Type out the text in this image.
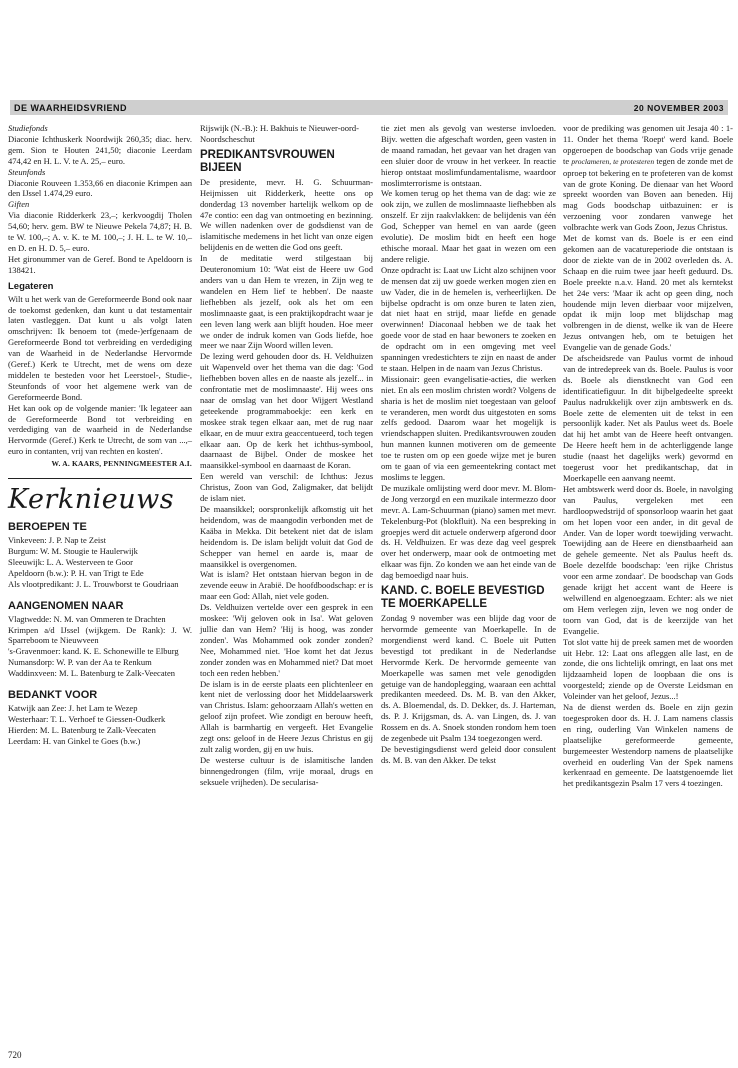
DE WAARHEIDSVRIEND	20 NOVEMBER 2003

Studiefonds

Diaconie Ichthuskerk Noordwijk 260,35; diac. herv. gem. Sion te Houten 241,50; diaconie Leerdam 474,42 en H. L. V. te A. 25,– euro.

Steunfonds

Diaconie Rouveen 1.353,66 en diaconie Krimpen aan den IJssel 1.474,29 euro.

Giften

Via diaconie Ridderkerk 23,–; kerkvoogdij Tholen 54,60; herv. gem. BW te Nieuwe Pekela 74,87; H. B. te W. 100,–; A. v. K. te M. 100,–; J. H. L. te W. 10,– en D. en H. D. 5,– euro.

Het gironummer van de Geref. Bond te Apeldoorn is 138421.

Legateren

Wilt u het werk van de Gereformeerde Bond ook naar de toekomst gedenken, dan kunt u dat testamentair laten vastleggen. Dat kunt u als volgt laten omschrijven: Ik benoem tot (mede-)erfgenaam de Gereformeerde Bond tot verbreiding en verdediging van de Waarheid in de Nederlandse Hervormde (Geref.) Kerk te Utrecht, met de wens om deze middelen te besteden voor het Leerstoel-, Studie-, Steunfonds of voor het algemene werk van de Gereformeerde Bond.

Het kan ook op de volgende manier: 'Ik legateer aan de Gereformeerde Bond tot verbreiding en verdediging van de waarheid in de Nederlandse Hervormde (Geref.) Kerk te Utrecht, de som van ...,– euro in contanten, vrij van rechten en kosten'.

W. A. KAARS, PENNINGMEESTER A.I.

Kerknieuws
BEROEPEN TE

Vinkeveen: J. P. Nap te Zeist

Burgum: W. M. Stougie te Haulerwijk

Sleeuwijk: L. A. Westerveen te Goor

Apeldoorn (b.w.): P. H. van Trigt te Ede

Als vlootpredikant: J. L. Trouwborst te Goudriaan

AANGENOMEN NAAR

Vlagtwedde: N. M. van Ommeren te Drachten

Krimpen a/d IJssel (wijkgem. De Rank): J. W. Sparreboom te Nieuwveen

's-Gravenmoer: kand. K. E. Schonewille te Elburg

Numansdorp: W. P. van der Aa te Renkum

Waddinxveen: M. L. Batenburg te Zalk-Veecaten

BEDANKT VOOR

Katwijk aan Zee: J. het Lam te Wezep

Westerhaar: T. L. Verhoef te Giessen-Oudkerk

Hierden: M. L. Batenburg te Zalk-Veecaten

Leerdam: H. van Ginkel te Goes (b.w.)

Rijswijk (N.-B.): H. Bakhuis te Nieuwer-oord-Noordscheschut

PREDIKANTSVROUWEN BIJEEN

De presidente, mevr. H. G. Schuurman-Heijmissen uit Ridderkerk, heette ons op donderdag 13 november hartelijk welkom op de 47e contio: een dag van ontmoeting en bezinning. We willen nadenken over de godsdienst van de islamitische medemens in het licht van onze eigen belijdenis en de wetten die God ons geeft.

In de meditatie werd stilgestaan bij Deuteronomium 10: 'Wat eist de Heere uw God anders van u dan Hem te vrezen, in Zijn weg te wandelen en Hem lief te hebben'. De naaste liefhebben als jezelf, ook als het om een moslimnaaste gaat, is een praktijkopdracht waar je een leven lang werk aan blijft houden. Hoe meer we onder de indruk komen van Gods liefde, hoe meer we naar Zijn Woord willen leven.

De lezing werd gehouden door ds. H. Veldhuizen uit Wapenveld over het thema van die dag: 'God liefhebben boven alles en de naaste als jezelf... in confrontatie met de moslimnaaste'. Hij wees ons naar de omslag van het door Wijgert Westland geteekende programmaboekje: een kerk en moskee strak tegen elkaar aan, met de rug naar elkaar, en de muur extra geaccentueerd, toch tegen elkaar aan. Op de kerk het ichthus-symbool, daarnaast de Bijbel. Onder de moskee het maansikkel-symbool en daarnaast de Koran.

Een wereld van verschil: de Ichthus: Jezus Christus, Zoon van God, Zaligmaker, dat belijdt de islam niet.

De maansikkel; oorspronkelijk afkomstig uit het heidendom, was de maangodin verbonden met de Kaäba in Mekka. Dit betekent niet dat de islam heidendom is. De islam belijdt voluit dat God de Schepper van hemel en aarde is, maar de maansikkel is overgenomen.

Wat is islam? Het ontstaan hiervan begon in de zevende eeuw in Arabië. De hoofdboodschap: er is maar een God: Allah, niet vele goden.

Ds. Veldhuizen vertelde over een gesprek in een moskee: 'Wij geloven ook in Isa'. Wat geloven jullie dan van Hem? 'Hij is hoog, was zonder zonden'. Was Mohammed ook zonder zonden? Nee, Mohammed niet. 'Hoe komt het dat Jezus zonder zonden was en Mohammed niet? Dat moet toch een reden hebben.'

De islam is in de eerste plaats een plichtenleer en kent niet de verlossing door het Middelaarswerk van Christus. Islam: gehoorzaam Allah's wetten en geloof zijn profeet. Wie zondigt en berouw heeft, Allah is barmhartig en vergeeft. Het Evangelie zegt ons: geloof in de Heere Jezus Christus en gij zult zalig worden, gij en uw huis.

De westerse cultuur is de islamitische landen binnengedrongen (film, vrije moraal, drugs en seksuele vrijheden). De secularisa-

tie ziet men als gevolg van westerse invloeden. Bijv. wetten die afgeschaft worden, geen vasten in de maand ramadan, het gevaar van het dragen van een sluier door de vrouw in het verkeer. In reactie hierop ontstaat moslimfundamentalisme, waardoor moslimterrorisme is ontstaan.

We komen terug op het thema van de dag: wie ze ook zijn, we zullen de moslimnaaste liefhebben als onszelf. Er zijn raakvlakken: de belijdenis van één God, Schepper van hemel en van aarde (geen evolutie). De moslim bidt en heeft een hoge ethische moraal. Maar het gaat in wezen om een andere religie.

Onze opdracht is: Laat uw Licht alzo schijnen voor de mensen dat zij uw goede werken mogen zien en uw Vader, die in de hemelen is, verheerlijken. De bijbelse opdracht is om onze buren te laten zien, dat niet haat en strijd, maar liefde en genade overwinnen! Diaconaal hebben we de taak het goede voor de stad en haar bewoners te zoeken en de opdracht om in een omgeving met veel spanningen vredestichters te zijn en naast de ander te staan. Helpen in de naam van Jezus Christus.

Missionair: geen evangelisatie-acties, die werken niet. En als een moslim christen wordt? Volgens de sharia is het de moslim niet toegestaan van geloof te veranderen, men wordt dus uitgestoten en soms zelfs gedood. Daarom waar het mogelijk is vriendschappen sluiten. Predikantsvrouwen zouden hun mannen kunnen motiveren om de gemeente toe te rusten om op een goede wijze met je buren om te gaan of via een gemeentekring contact met moslims te leggen.

De muzikale omlijsting werd door mevr. M. Blom-de Jong verzorgd en een muzikale intermezzo door mevr. A. Lam-Schuurman (piano) samen met mevr. Tekelenburg-Pot (blokfluit). Na een bespreking in groepjes werd dit actuele onderwerp afgerond door ds. H. Veldhuizen. Er was deze dag veel gesprek over het onderwerp, maar ook de ontmoeting met elkaar was fijn. Zo konden we aan het einde van de dag bemoedigd naar huis.

KAND. C. BOELE BEVESTIGD TE MOERKAPELLE

Zondag 9 november was een blijde dag voor de hervormde gemeente van Moerkapelle. In de morgendienst werd kand. C. Boele uit Putten bevestigd tot predikant in de Nederlandse Hervormde Kerk. De hervormde gemeente van Moerkapelle was samen met vele genodigden getuige van de handoplegging, waaraan een achttal predikanten meedeed. Ds. M. B. van den Akker, ds. A. Bloemendal, ds. D. Dekker, ds. J. Harteman, ds. P. J. Krijgsman, ds. A. van Lingen, ds. J. van Rossem en ds. A. Snoek stonden rondom hem toen de zegenbede uit Psalm 134 toegezongen werd.

De bevestigingsdienst werd geleid door consulent ds. M. B. van den Akker. De tekst

voor de prediking was genomen uit Jesaja 40 : 1-11. Onder het thema 'Roept' werd kand. Boele opgeroepen de boodschap van Gods vrije genade te proclameren, te protesteren tegen de zonde met de oproep tot bekering en te profeteren van de komst van de grote Koning. De dienaar van het Woord spreekt woorden van Boven aan beneden. Hij mag Gods boodschap uitbazuinen: er is verzoening voor zondaren vanwege het volbrachte werk van Gods Zoon, Jezus Christus.

Met de komst van ds. Boele is er een eind gekomen aan de vacatureperiode die ontstaan is door de ziekte van de in 2002 overleden ds. A. Schaap en die ruim twee jaar heeft geduurd. Ds. Boele preekte n.a.v. Hand. 20 met als kerntekst het 24e vers: 'Maar ik acht op geen ding, noch houdende mijn leven dierbaar voor mijzelven, opdat ik mijn loop met blijdschap mag volbrengen in de dienst, welke ik van de Heere Jezus ontvangen heb, om te betuigen het Evangelie van de genade Gods.'

De afscheidsrede van Paulus vormt de inhoud van de intredepreek van ds. Boele. Paulus is voor ds. Boele als dienstknecht van God een identificatiefiguur. In dit bijbelgedeelte spreekt Paulus nadrukkelijk over zijn ambtswerk en ds. Boele zette de elementen uit de tekst in een persoonlijk kader. Net als Paulus weet ds. Boele dat hij het ambt van de Heere heeft ontvangen. De Heere heeft hem in de achterliggende lange studie (naast het dagelijks werk) gevormd en toegerust voor het predikantschap, dat in Moerkapelle een aanvang neemt.

Het ambtswerk werd door ds. Boele, in navolging van Paulus, vergeleken met een hardloopwedstrijd of sponsorloop waarin het gaat om het lopen voor een ander, in dit geval de Ander. Van de loper wordt toewijding verwacht. Toewijding aan de Heere en dienstbaarheid aan de gehele gemeente. Net als Paulus heeft ds. Boele dezelfde boodschap: 'een rijke Christus voor een arme zondaar'. De boodschap van Gods genade krijgt het accent want de Heere is welwillend en algenoegzaam. Echter: als we niet om Hem verlegen zijn, leven we nog onder de toorn van God, dat is de keerzijde van het Evangelie.

Tot slot vatte hij de preek samen met de woorden uit Hebr. 12: Laat ons afleggen alle last, en de zonde, die ons lichtelijk omringt, en laat ons met lijdzaamheid lopen de loopbaan die ons is voorgesteld; ziende op de Overste Leidsman en Voleinder van het geloof, Jezus...!

Na de dienst werden ds. Boele en zijn gezin toegesproken door ds. H. J. Lam namens classis en ring, ouderling Van Winkelen namens de plaatselijke gereformeerde gemeente, burgemeester Westendorp namens de plaatselijke overheid en ouderling Van der Spek namens kerkenraad en gemeente. De laatstgenoemde liet het predikantsgezin Psalm 17 vers 4 toezingen.

720
